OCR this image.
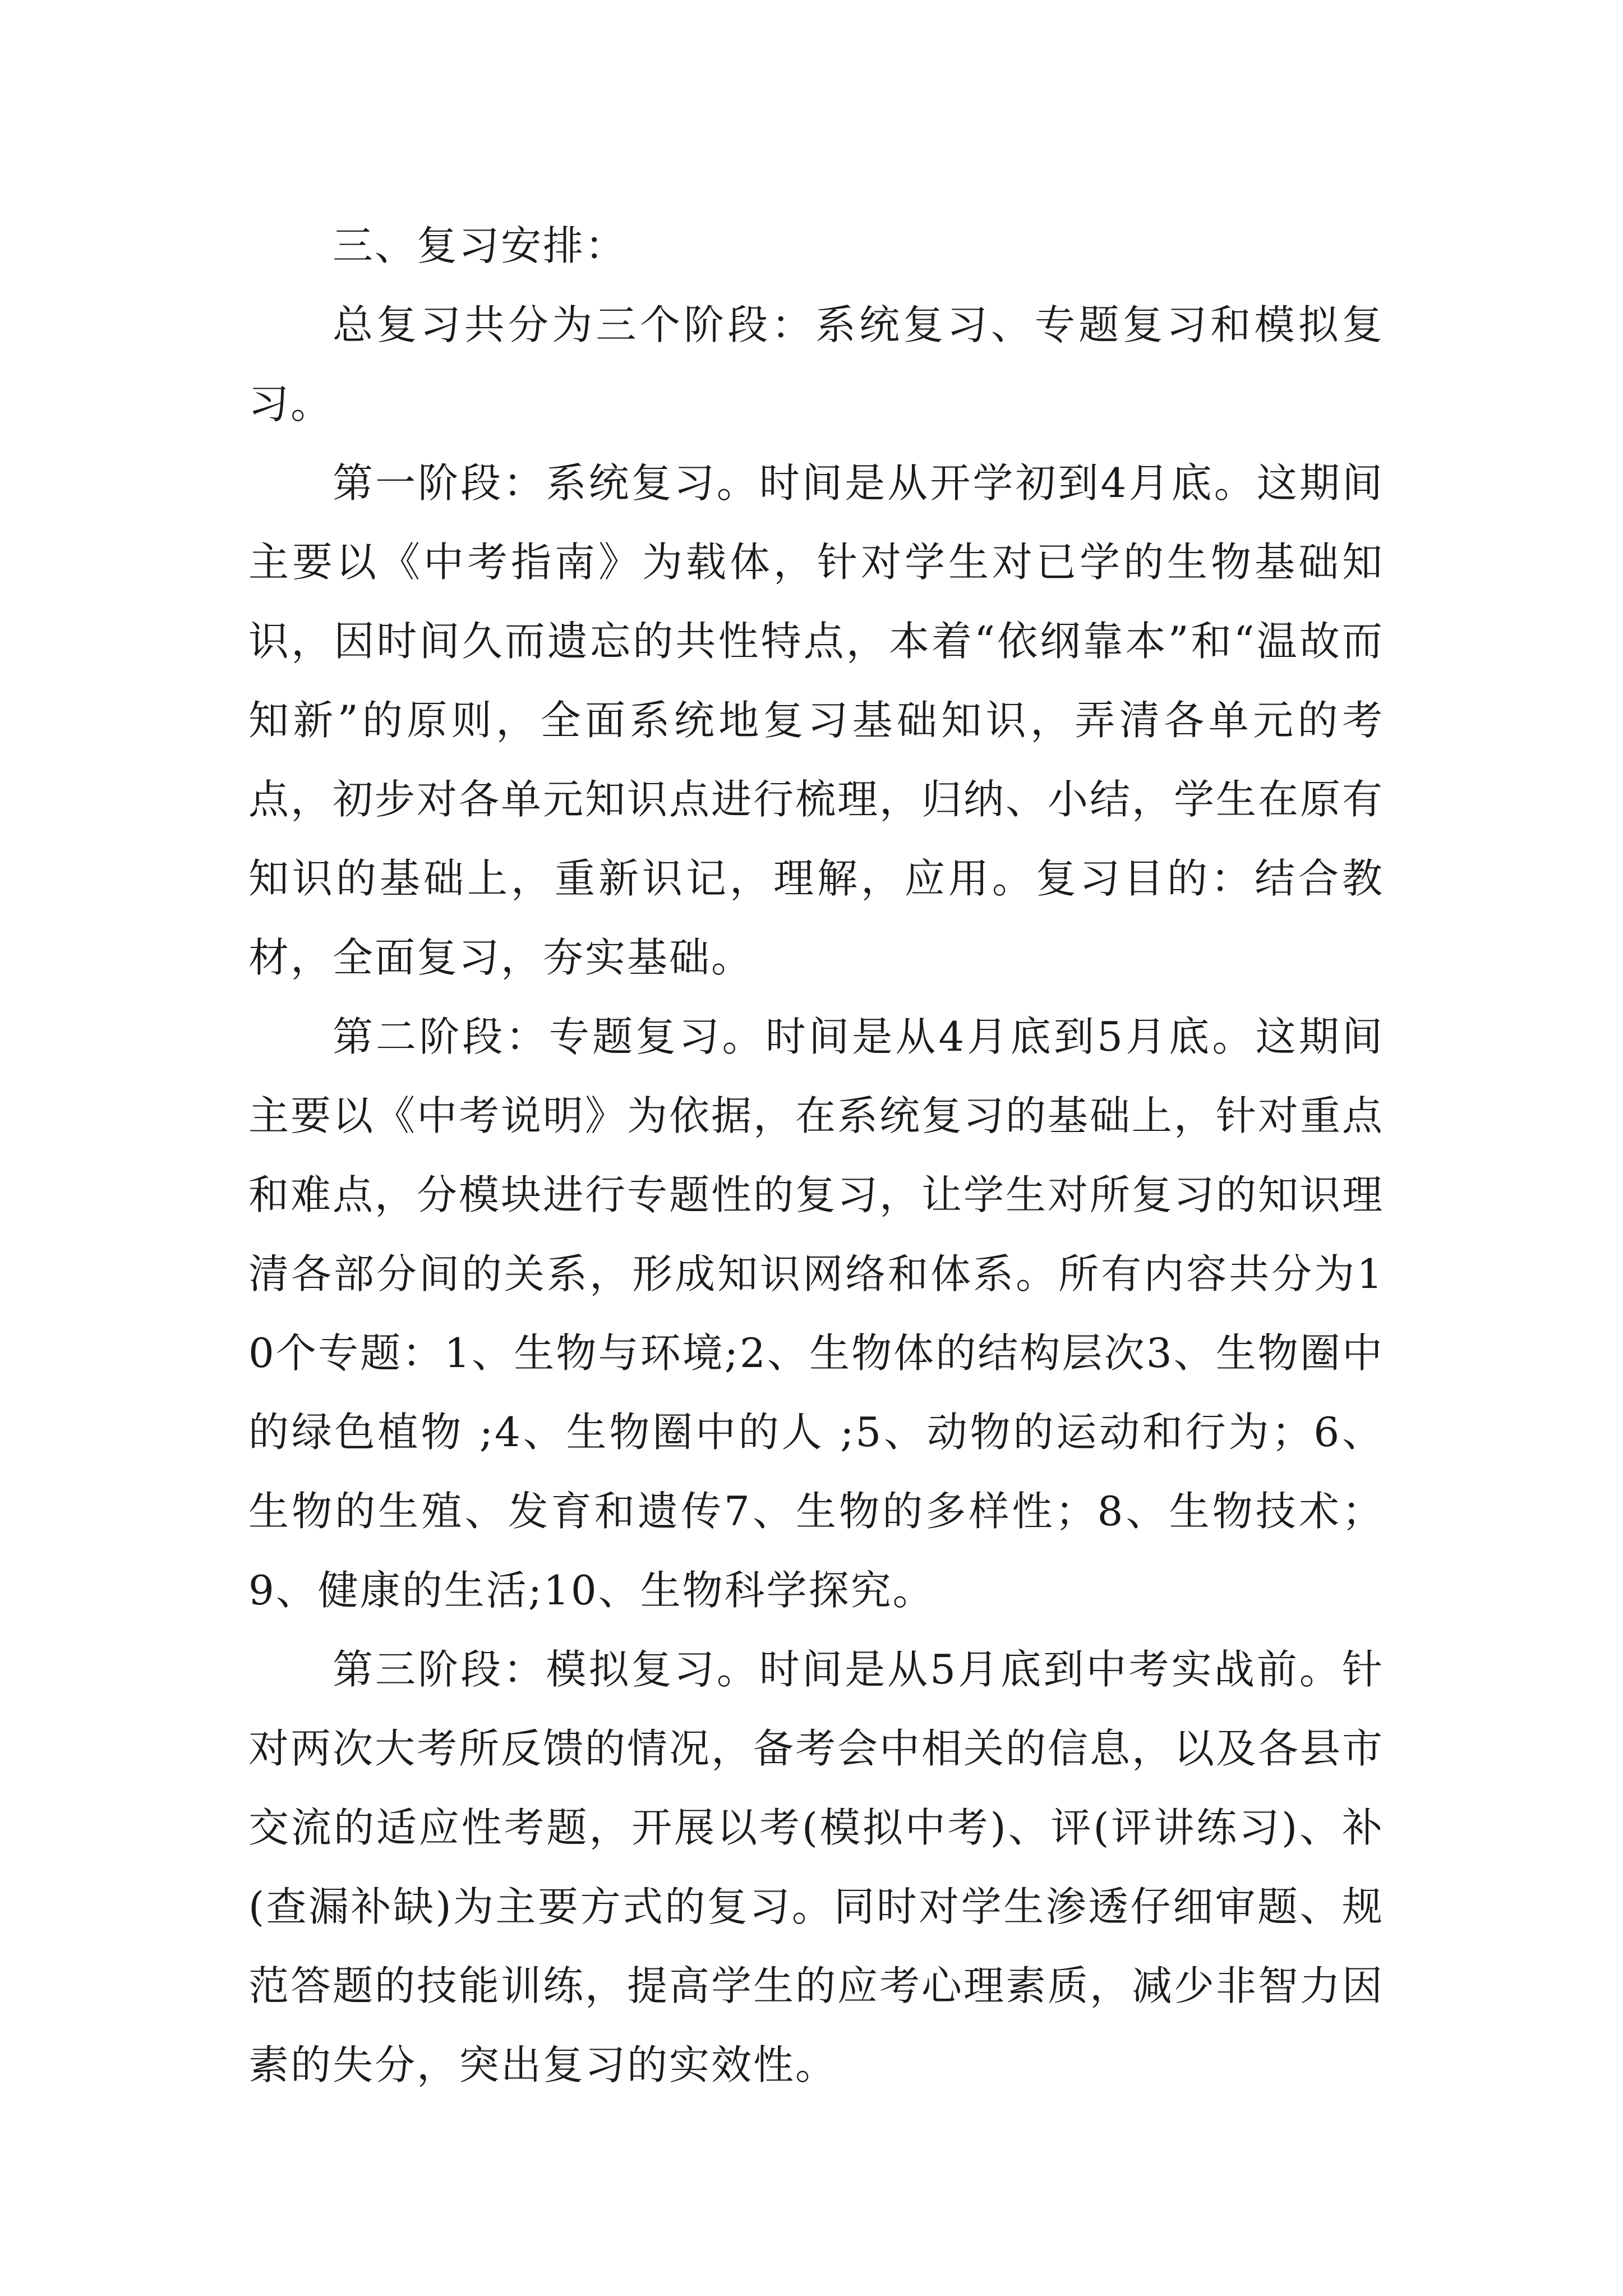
三、复习安排：

总复习共分为三个阶段：系统复习、专题复习和模拟复习。

第一阶段：系统复习。时间是从开学初到4月底。这期间主要以《中考指南》为载体，针对学生对已学的生物基础知识，因时间久而遗忘的共性特点，本着“依纲靠本”和“温故而知新”的原则，全面系统地复习基础知识，弄清各单元的考点，初步对各单元知识点进行梳理，归纳、小结，学生在原有知识的基础上，重新识记，理解，应用。复习目的：结合教材，全面复习，夯实基础。

第二阶段：专题复习。时间是从4月底到5月底。这期间主要以《中考说明》为依据，在系统复习的基础上，针对重点和难点，分模块进行专题性的复习，让学生对所复习的知识理清各部分间的关系，形成知识网络和体系。所有内容共分为10个专题：1、生物与环境;2、生物体的结构层次3、生物圈中的绿色植物 ;4、生物圈中的人 ;5、动物的运动和行为；6、生物的生殖、发育和遗传7、生物的多样性；8、生物技术；9、健康的生活;10、生物科学探究。

第三阶段：模拟复习。时间是从5月底到中考实战前。针对两次大考所反馈的情况，备考会中相关的信息，以及各县市交流的适应性考题，开展以考(模拟中考)、评(评讲练习)、补(查漏补缺)为主要方式的复习。同时对学生渗透仔细审题、规范答题的技能训练，提高学生的应考心理素质，减少非智力因素的失分，突出复习的实效性。
